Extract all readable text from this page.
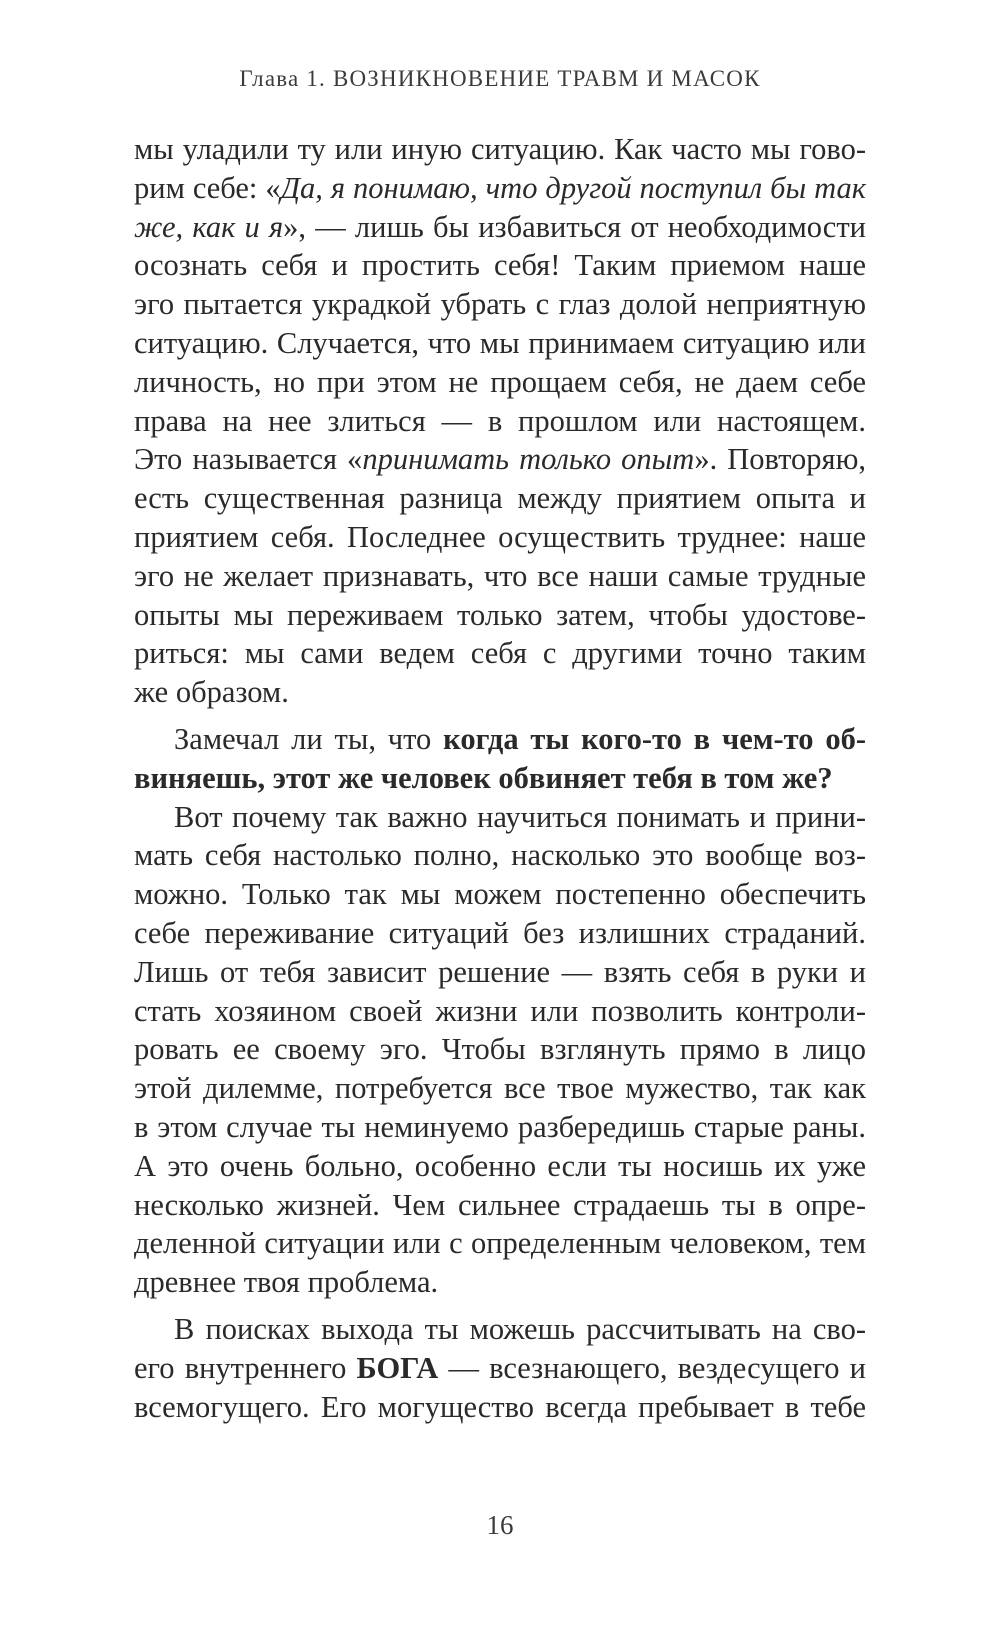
Глава 1. ВОЗНИКНОВЕНИЕ ТРАВМ И МАСОК
мы уладили ту или иную ситуацию. Как часто мы гово-
рим себе: «Да, я понимаю, что другой поступил бы так
же, как и я», — лишь бы избавиться от необходимости
осознать себя и простить себя! Таким приемом наше
эго пытается украдкой убрать с глаз долой неприятную
ситуацию. Случается, что мы принимаем ситуацию или
личность, но при этом не прощаем себя, не даем себе
права на нее злиться — в прошлом или настоящем.
Это называется «принимать только опыт». Повторяю,
есть существенная разница между приятием опыта и
приятием себя. Последнее осуществить труднее: наше
эго не желает признавать, что все наши самые трудные
опыты мы переживаем только затем, чтобы удостове-
риться: мы сами ведем себя с другими точно таким
же образом.
Замечал ли ты, что когда ты кого-то в чем-то об-
виняешь, этот же человек обвиняет тебя в том же?
Вот почему так важно научиться понимать и прини-
мать себя настолько полно, насколько это вообще воз-
можно. Только так мы можем постепенно обеспечить
себе переживание ситуаций без излишних страданий.
Лишь от тебя зависит решение — взять себя в руки и
стать хозяином своей жизни или позволить контроли-
ровать ее своему эго. Чтобы взглянуть прямо в лицо
этой дилемме, потребуется все твое мужество, так как
в этом случае ты неминуемо разбередишь старые раны.
А это очень больно, особенно если ты носишь их уже
несколько жизней. Чем сильнее страдаешь ты в опре-
деленной ситуации или с определенным человеком, тем
древнее твоя проблема.
В поисках выхода ты можешь рассчитывать на сво-
его внутреннего БОГА — всезнающего, вездесущего и
всемогущего. Его могущество всегда пребывает в тебе
16
